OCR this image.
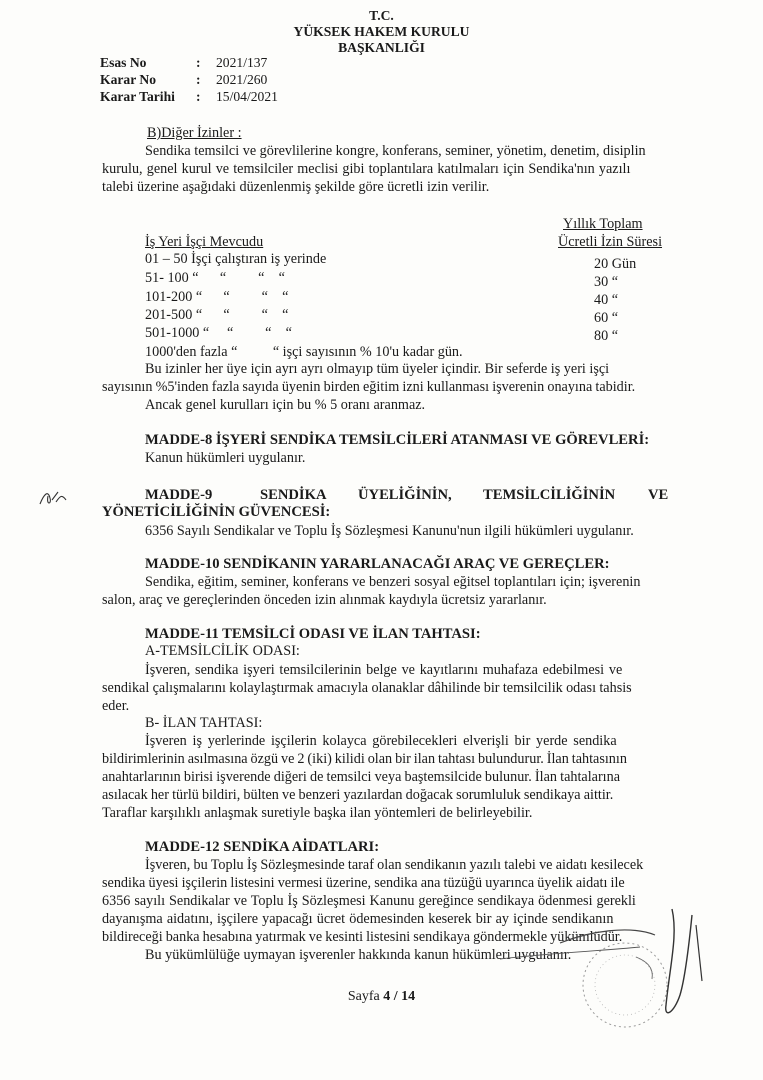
T.C.
YÜKSEK HAKEM KURULU
BAŞKANLIĞI
Esas No	: 2021/137
Karar No	: 2021/260
Karar Tarihi : 15/04/2021
B)Diğer İzinler :
Sendika temsilci ve görevlilerine kongre, konferans, seminer, yönetim, denetim, disiplin
kurulu, genel kurul ve temsilciler meclisi gibi toplantılara katılmaları için Sendika'nın yazılı
talebi üzerine aşağıdaki düzenlenmiş şekilde göre ücretli izin verilir.
Yıllık Toplam
İş Yeri İşçi Mevcudu	Ücretli İzin Süresi
01 – 50 İşçi çalıştıran iş yerinde	20 Gün
51- 100 “      “         “    “	30 “
101-200 “      “         “    “	40 “
201-500 “      “         “    “	60 “
501-1000 “     “         “    “	80 “
1000'den fazla “          “ işçi sayısının % 10'u kadar gün.
Bu izinler her üye için ayrı ayrı olmayıp tüm üyeler içindir. Bir seferde iş yeri işçi
sayısının %5'inden fazla sayıda üyenin birden eğitim izni kullanması işverenin onayına tabidir.
Ancak genel kurulları için bu % 5 oranı aranmaz.
MADDE-8 İŞYERİ SENDİKA TEMSİLCİLERİ ATANMASI VE GÖREVLERİ:
Kanun hükümleri uygulanır.
MADDE-9	SENDİKA ÜYELİĞİNİN, TEMSİLCİLİĞİNİN VE
YÖNETİCİLİĞİNİN GÜVENCESİ:
6356 Sayılı Sendikalar ve Toplu İş Sözleşmesi Kanunu'nun ilgili hükümleri uygulanır.
MADDE-10 SENDİKANIN YARARLANACAĞI ARAÇ VE GEREÇLER:
Sendika, eğitim, seminer, konferans ve benzeri sosyal eğitsel toplantıları için; işverenin
salon, araç ve gereçlerinden önceden izin alınmak kaydıyla ücretsiz yararlanır.
MADDE-11 TEMSİLCİ ODASI VE İLAN TAHTASI:
A-TEMSİLCİLİK ODASI:
İşveren, sendika işyeri temsilcilerinin belge ve kayıtlarını muhafaza edebilmesi ve
sendikal çalışmalarını kolaylaştırmak amacıyla olanaklar dâhilinde bir temsilcilik odası tahsis
eder.
B- İLAN TAHTASI:
İşveren iş yerlerinde işçilerin kolayca görebilecekleri elverişli bir yerde sendika
bildirimlerinin asılmasına özgü ve 2 (iki) kilidi olan bir ilan tahtası bulundurur. İlan tahtasının
anahtarlarının birisi işverende diğeri de temsilci veya baştemsilcide bulunur. İlan tahtalarına
asılacak her türlü bildiri, bülten ve benzeri yazılardan doğacak sorumluluk sendikaya aittir.
Taraflar karşılıklı anlaşmak suretiyle başka ilan yöntemleri de belirleyebilir.
MADDE-12 SENDİKA AİDATLARI:
İşveren, bu Toplu İş Sözleşmesinde taraf olan sendikanın yazılı talebi ve aidatı kesilecek
sendika üyesi işçilerin listesini vermesi üzerine, sendika ana tüzüğü uyarınca üyelik aidatı ile
6356 sayılı Sendikalar ve Toplu İş Sözleşmesi Kanunu gereğince sendikaya ödenmesi gerekli
dayanışma aidatını, işçilere yapacağı ücret ödemesinden keserek bir ay içinde sendikanın
bildireceği banka hesabına yatırmak ve kesinti listesini sendikaya göndermekle yükümlüdür.
Bu yükümlülüğe uymayan işverenler hakkında kanun hükümleri uygulanır.
Sayfa 4 / 14
